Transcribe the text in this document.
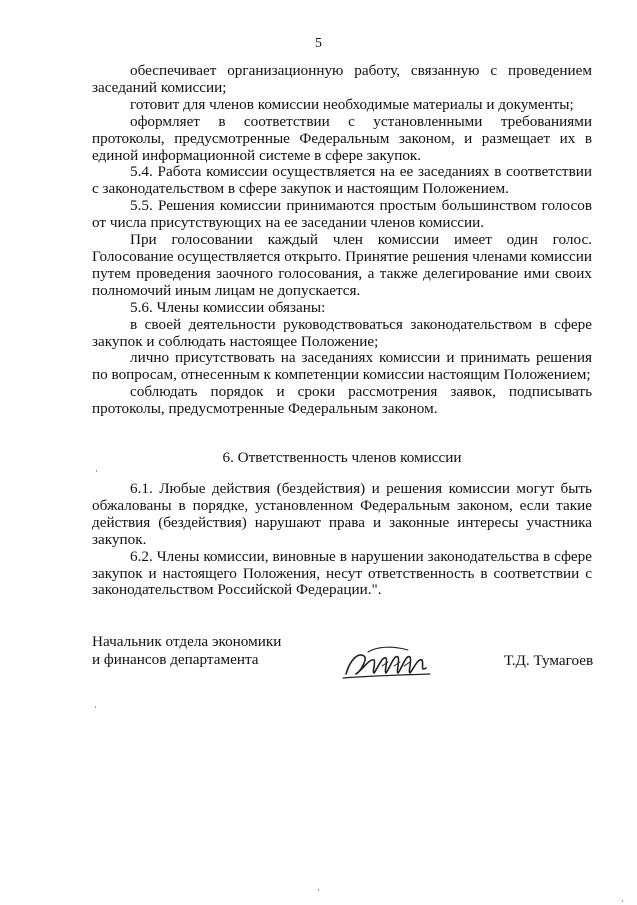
5

обеспечивает организационную работу, связанную с проведением заседаний комиссии;

готовит для членов комиссии необходимые материалы и документы;

оформляет в соответствии с установленными требованиями протоколы, предусмотренные Федеральным законом, и размещает их в единой информационной системе в сфере закупок.

5.4. Работа комиссии осуществляется на ее заседаниях в соответствии с законодательством в сфере закупок и настоящим Положением.

5.5. Решения комиссии принимаются простым большинством голосов от числа присутствующих на ее заседании членов комиссии.

При голосовании каждый член комиссии имеет один голос. Голосование осуществляется открыто. Принятие решения членами комиссии путем проведения заочного голосования, а также делегирование ими своих полномочий иным лицам не допускается.

5.6. Члены комиссии обязаны:

в своей деятельности руководствоваться законодательством в сфере закупок и соблюдать настоящее Положение;

лично присутствовать на заседаниях комиссии и принимать решения по вопросам, отнесенным к компетенции комиссии настоящим Положением;

соблюдать порядок и сроки рассмотрения заявок, подписывать протоколы, предусмотренные Федеральным законом.

6. Ответственность членов комиссии

6.1. Любые действия (бездействия) и решения комиссии могут быть обжалованы в порядке, установленном Федеральным законом, если такие действия (бездействия) нарушают права и законные интересы участника закупок.

6.2. Члены комиссии, виновные в нарушении законодательства в сфере закупок и настоящего Положения, несут ответственность в соответствии с законодательством Российской Федерации.".

Начальник отдела экономики
и финансов департамента	Т.Д. Тумагоев
